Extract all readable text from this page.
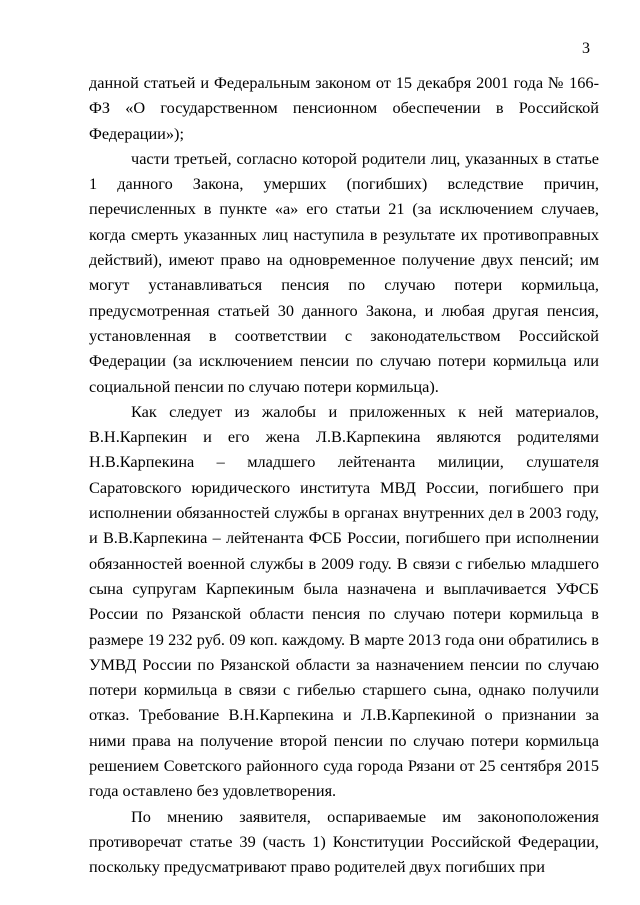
3

данной статьей и Федеральным законом от 15 декабря 2001 года № 166-ФЗ «О государственном пенсионном обеспечении в Российской Федерации»);

части третьей, согласно которой родители лиц, указанных в статье 1 данного Закона, умерших (погибших) вследствие причин, перечисленных в пункте «а» его статьи 21 (за исключением случаев, когда смерть указанных лиц наступила в результате их противоправных действий), имеют право на одновременное получение двух пенсий; им могут устанавливаться пенсия по случаю потери кормильца, предусмотренная статьей 30 данного Закона, и любая другая пенсия, установленная в соответствии с законодательством Российской Федерации (за исключением пенсии по случаю потери кормильца или социальной пенсии по случаю потери кормильца).

Как следует из жалобы и приложенных к ней материалов, В.Н.Карпекин и его жена Л.В.Карпекина являются родителями Н.В.Карпекина – младшего лейтенанта милиции, слушателя Саратовского юридического института МВД России, погибшего при исполнении обязанностей службы в органах внутренних дел в 2003 году, и В.В.Карпекина – лейтенанта ФСБ России, погибшего при исполнении обязанностей военной службы в 2009 году. В связи с гибелью младшего сына супругам Карпекиным была назначена и выплачивается УФСБ России по Рязанской области пенсия по случаю потери кормильца в размере 19 232 руб. 09 коп. каждому. В марте 2013 года они обратились в УМВД России по Рязанской области за назначением пенсии по случаю потери кормильца в связи с гибелью старшего сына, однако получили отказ. Требование В.Н.Карпекина и Л.В.Карпекиной о признании за ними права на получение второй пенсии по случаю потери кормильца решением Советского районного суда города Рязани от 25 сентября 2015 года оставлено без удовлетворения.

По мнению заявителя, оспариваемые им законоположения противоречат статье 39 (часть 1) Конституции Российской Федерации, поскольку предусматривают право родителей двух погибших при
